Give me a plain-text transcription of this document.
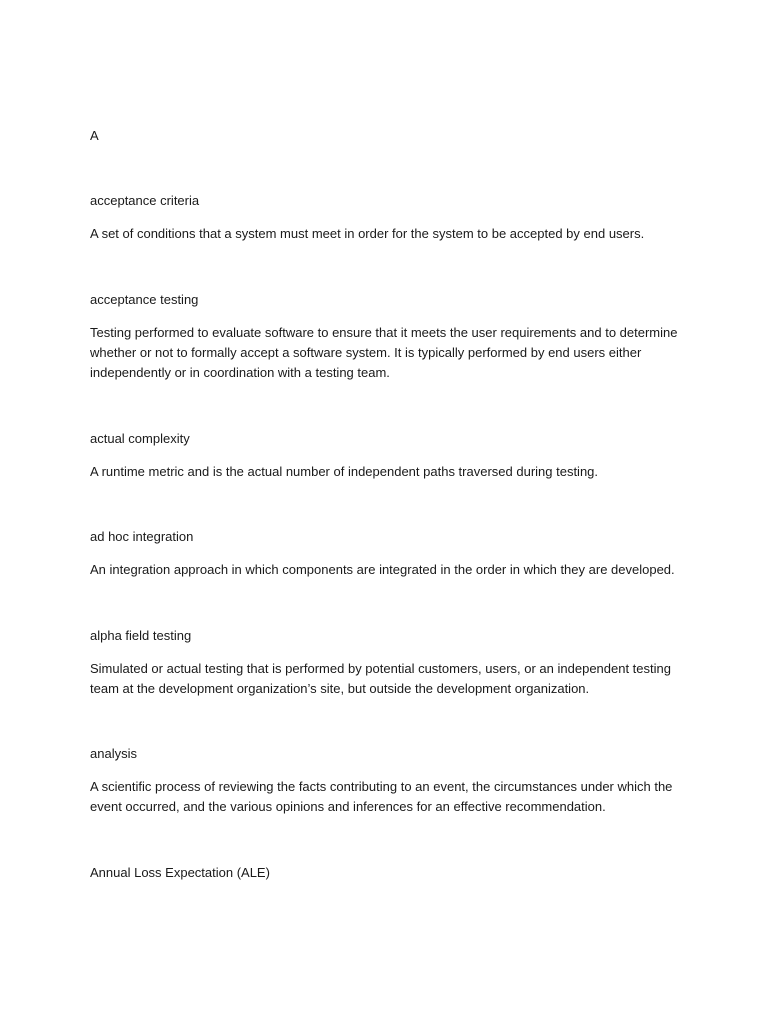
A
acceptance criteria
A set of conditions that a system must meet in order for the system to be accepted by end users.
acceptance testing
Testing performed to evaluate software to ensure that it meets the user requirements and to determine whether or not to formally accept a software system. It is typically performed by end users either independently or in coordination with a testing team.
actual complexity
A runtime metric and is the actual number of independent paths traversed during testing.
ad hoc integration
An integration approach in which components are integrated in the order in which they are developed.
alpha field testing
Simulated or actual testing that is performed by potential customers, users, or an independent testing team at the development organization’s site, but outside the development organization.
analysis
A scientific process of reviewing the facts contributing to an event, the circumstances under which the event occurred, and the various opinions and inferences for an effective recommendation.
Annual Loss Expectation (ALE)
